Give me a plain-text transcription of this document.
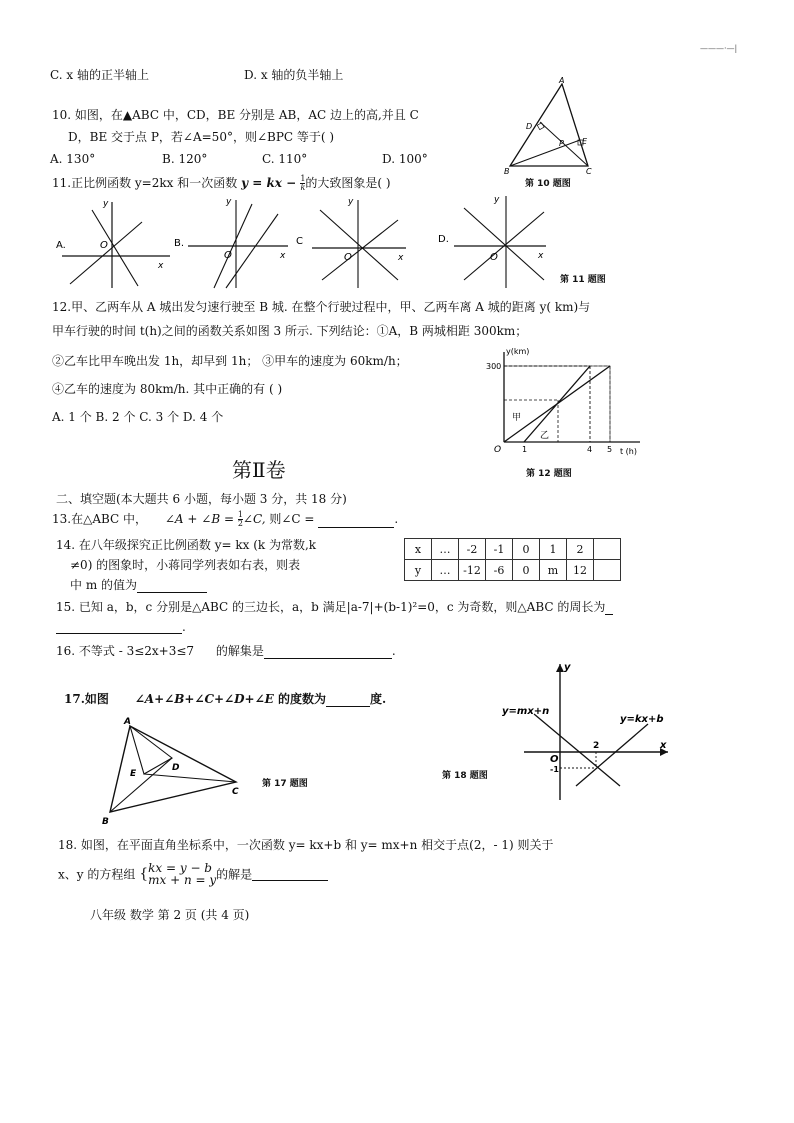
———·—|
C. x 轴的正半轴上	D. x 轴的负半轴上
10. 如图，在▲ABC 中，CD，BE 分别是 AB，AC 边上的高,并且 C
D，BE 交于点 P，若∠A=50°，则∠BPC 等于( )
A. 130°	B. 120°	C. 110°	D. 100°
A
D
P E
B	C
第 10 题图
11.正比例函数 y=2kx 和一次函数 y = kx − $\frac{1}{k}$ 的大致图象是( )
A.
y
x
O	B.
y
x
O
C
y
x
O
D.
y
x
O
第 11 题图
12.甲、乙两车从 A 城出发匀速行驶至 B 城. 在整个行驶过程中，甲、乙两车离 A 城的距离 y( km)与
甲车行驶的时间 t(h)之间的函数关系如图 3 所示. 下列结论：①A，B 两城相距 300km；
②乙车比甲车晚出发 1h，却早到 1h； ③甲车的速度为 60km/h；
④乙车的速度为 80km/h. 其中正确的有 ( )
A. 1 个 B. 2 个 C. 3 个 D. 4 个
y(km)
300
O	1	4 5 t (h)
甲
乙
第 12 题图
第Ⅱ卷
二、填空题(本大题共 6 小题，每小题 3 分，共 18 分)
13.在△ABC 中， ∠A + ∠B = $\frac{1}{2}$ ∠C, 则∠C =	.
14. 在八年级探究正比例函数 y= kx (k 为常数,k
≠0) 的图象时，小蒋同学列表如右表，则表
中 m 的值为
x	…	-2	-1	0	1	2	
y	…	-12	-6	0	m	12	
15. 已知 a，b，c 分别是△ABC 的三边长，a，b 满足|a-7|+(b-1)²=0，c 为奇数，则△ABC 的周长为
.
16. 不等式 - 3≤2x+3≤7 的解集是	.
17.如图 ∠A+∠B+∠C+∠D+∠E 的度数为	度.
A
B
C
D
E
第 17 题图
第 18 题图
y=mx+n
y=kx+b
y
x
O
2
-1
18. 如图，在平面直角坐标系中，一次函数 y= kx+b 和 y= mx+n 相交于点(2，- 1) 则关于
x、y 的方程组 { kx = y − b
mx + n = y 的解是
八年级 数学 第 2 页 (共 4 页)
